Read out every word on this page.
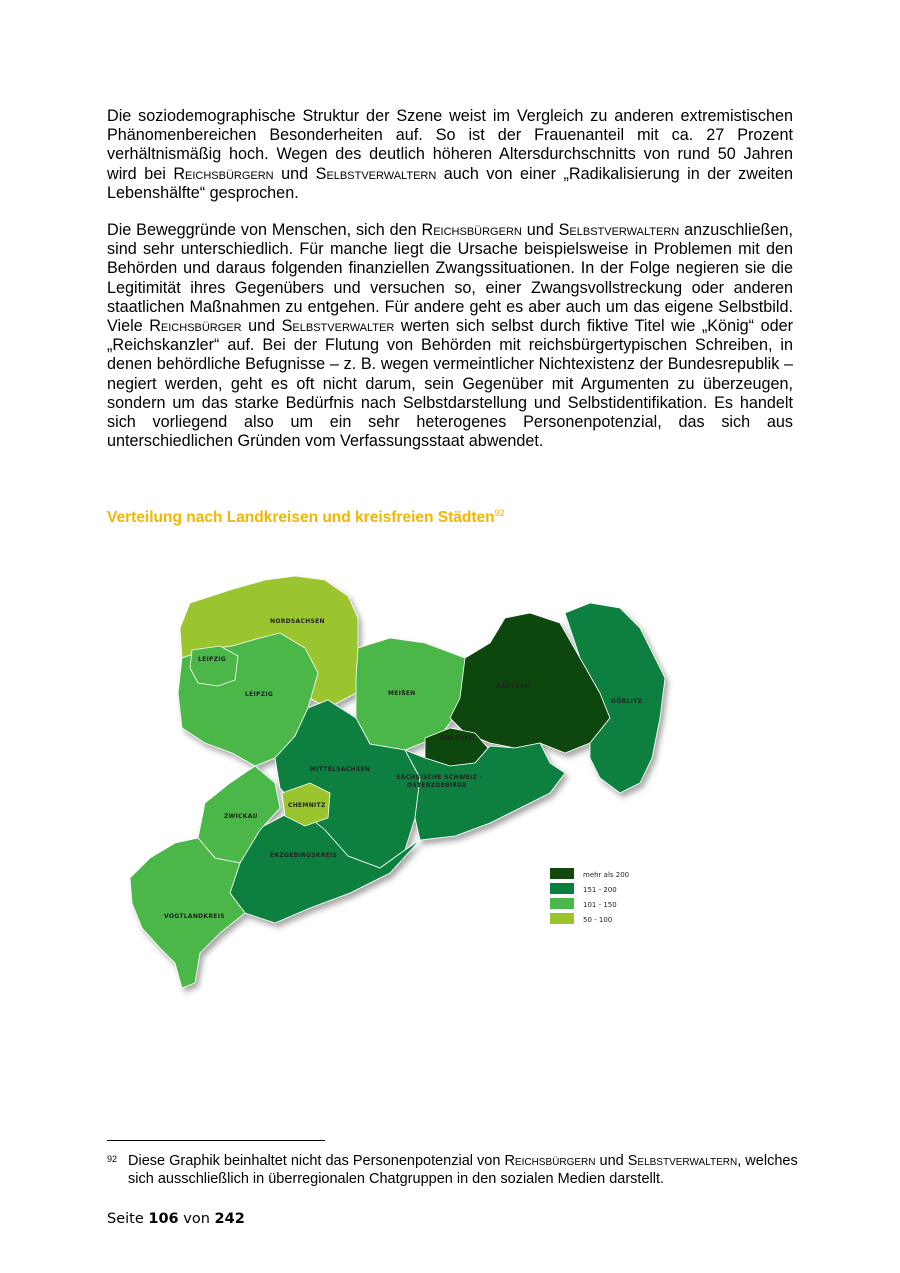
Die soziodemographische Struktur der Szene weist im Vergleich zu anderen extremistischen Phänomenbereichen Besonderheiten auf. So ist der Frauenanteil mit ca. 27 Prozent verhältnismäßig hoch. Wegen des deutlich höheren Altersdurchschnitts von rund 50 Jahren wird bei Reichsbürgern und Selbstverwaltern auch von einer „Radikalisierung in der zweiten Lebenshälfte“ gesprochen.

Die Beweggründe von Menschen, sich den Reichsbürgern und Selbstverwaltern anzuschließen, sind sehr unterschiedlich. Für manche liegt die Ursache beispielsweise in Problemen mit den Behörden und daraus folgenden finanziellen Zwangssituationen. In der Folge negieren sie die Legitimität ihres Gegenübers und versuchen so, einer Zwangsvollstreckung oder anderen staatlichen Maßnahmen zu entgehen. Für andere geht es aber auch um das eigene Selbstbild. Viele Reichsbürger und Selbstverwalter werten sich selbst durch fiktive Titel wie „König“ oder „Reichskanzler“ auf. Bei der Flutung von Behörden mit reichsbürgertypischen Schreiben, in denen behördliche Befugnisse – z. B. wegen vermeintlicher Nichtexistenz der Bundesrepublik – negiert werden, geht es oft nicht darum, sein Gegenüber mit Argumenten zu überzeugen, sondern um das starke Bedürfnis nach Selbstdarstellung und Selbstidentifikation. Es handelt sich vorliegend also um ein sehr heterogenes Personenpotenzial, das sich aus unterschiedlichen Gründen vom Verfassungsstaat abwendet.

Verteilung nach Landkreisen und kreisfreien Städten$^{92}$

NORDSACHSEN
LEIPZIG
LEIPZIG	MEIßEN
BAUTZEN
GÖRLITZ
DRESDEN
MITTELSACHSEN
SÄCHSISCHE SCHWEIZ -
OSTERZGEBIRGE
CHEMNITZ
ZWICKAU
ERZGEBIRGSKREIS
VOGTLANDKREIS
mehr als 200
151 - 200
101 - 150
50 - 100

92 Diese Graphik beinhaltet nicht das Personenpotenzial von Reichsbürgern und Selbstverwaltern, welches sich ausschließlich in überregionalen Chatgruppen in den sozialen Medien darstellt.

Seite 106 von 242
